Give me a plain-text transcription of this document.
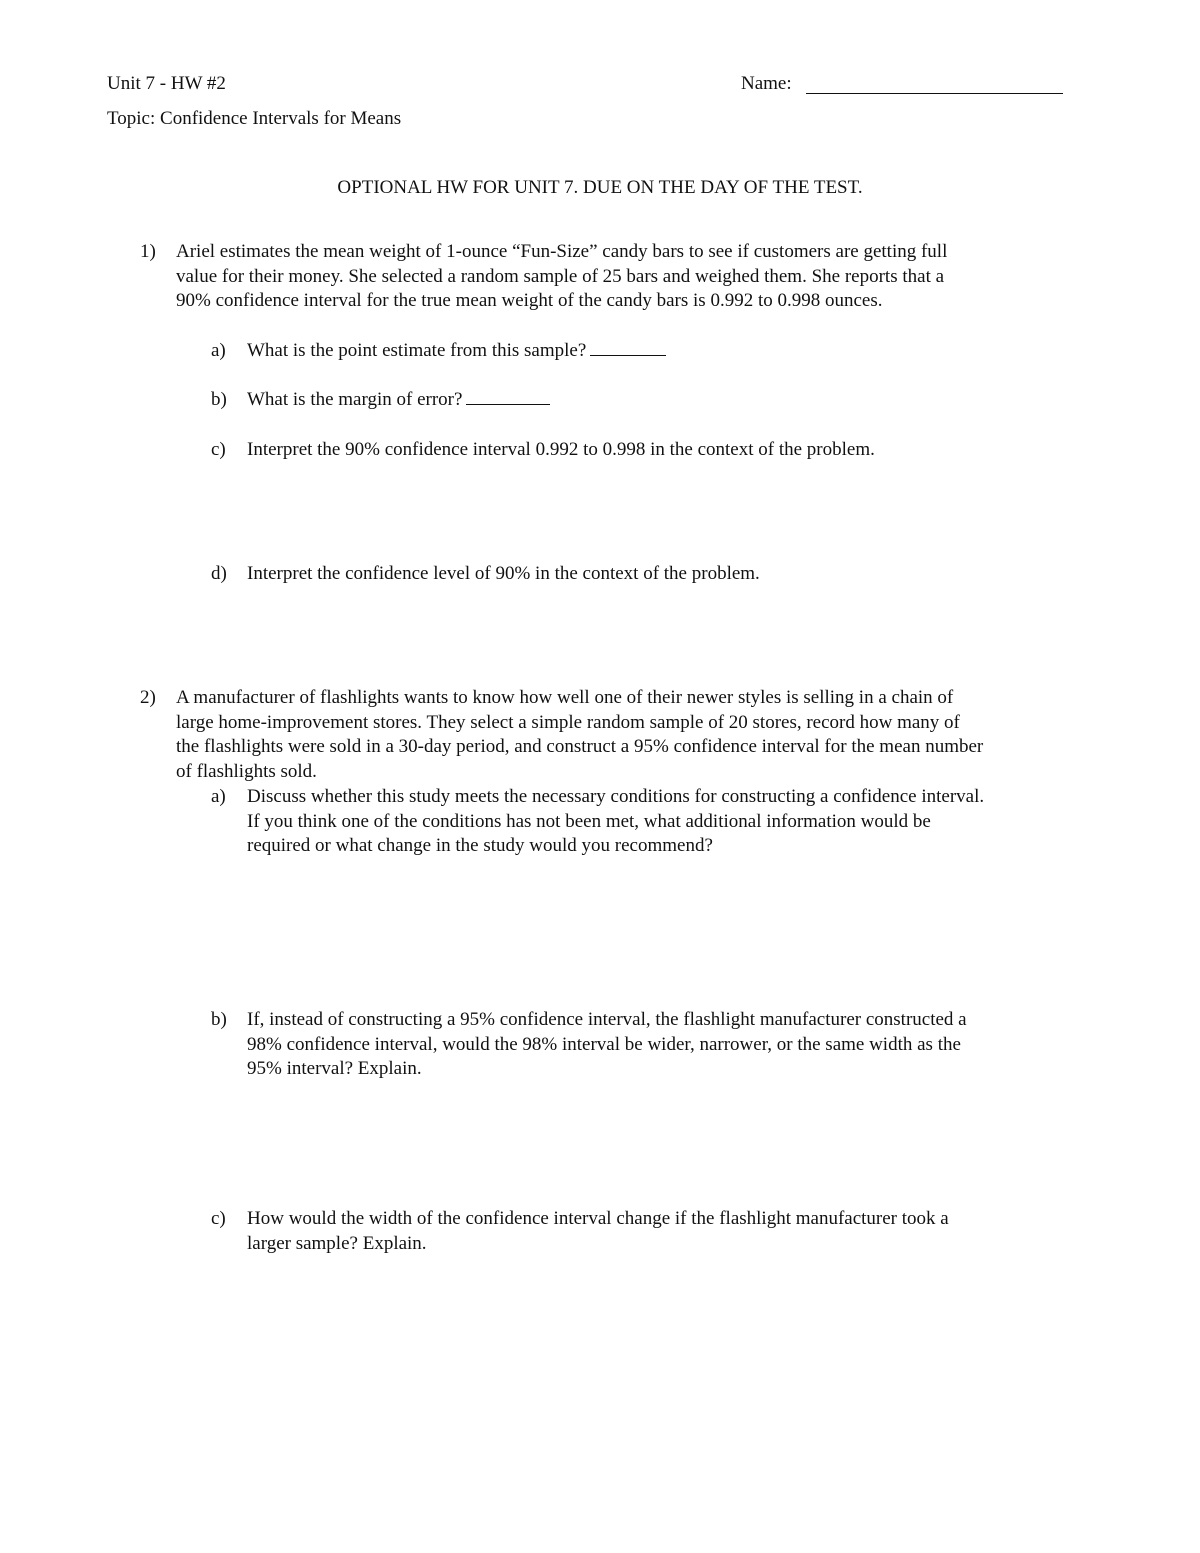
Unit 7 - HW #2	Name:
Topic: Confidence Intervals for Means
OPTIONAL HW FOR UNIT 7. DUE ON THE DAY OF THE TEST.
1)	Ariel estimates the mean weight of 1-ounce “Fun-Size” candy bars to see if customers are getting full
value for their money. She selected a random sample of 25 bars and weighed them. She reports that a
90% confidence interval for the true mean weight of the candy bars is 0.992 to 0.998 ounces.
a)	What is the point estimate from this sample?
b)	What is the margin of error?
c)	Interpret the 90% confidence interval 0.992 to 0.998 in the context of the problem.
d)	Interpret the confidence level of 90% in the context of the problem.
2)	A manufacturer of flashlights wants to know how well one of their newer styles is selling in a chain of
large home-improvement stores. They select a simple random sample of 20 stores, record how many of
the flashlights were sold in a 30-day period, and construct a 95% confidence interval for the mean number
of flashlights sold.
a)	Discuss whether this study meets the necessary conditions for constructing a confidence interval.
If you think one of the conditions has not been met, what additional information would be
required or what change in the study would you recommend?
b)	If, instead of constructing a 95% confidence interval, the flashlight manufacturer constructed a
98% confidence interval, would the 98% interval be wider, narrower, or the same width as the
95% interval? Explain.
c)	How would the width of the confidence interval change if the flashlight manufacturer took a
larger sample? Explain.
